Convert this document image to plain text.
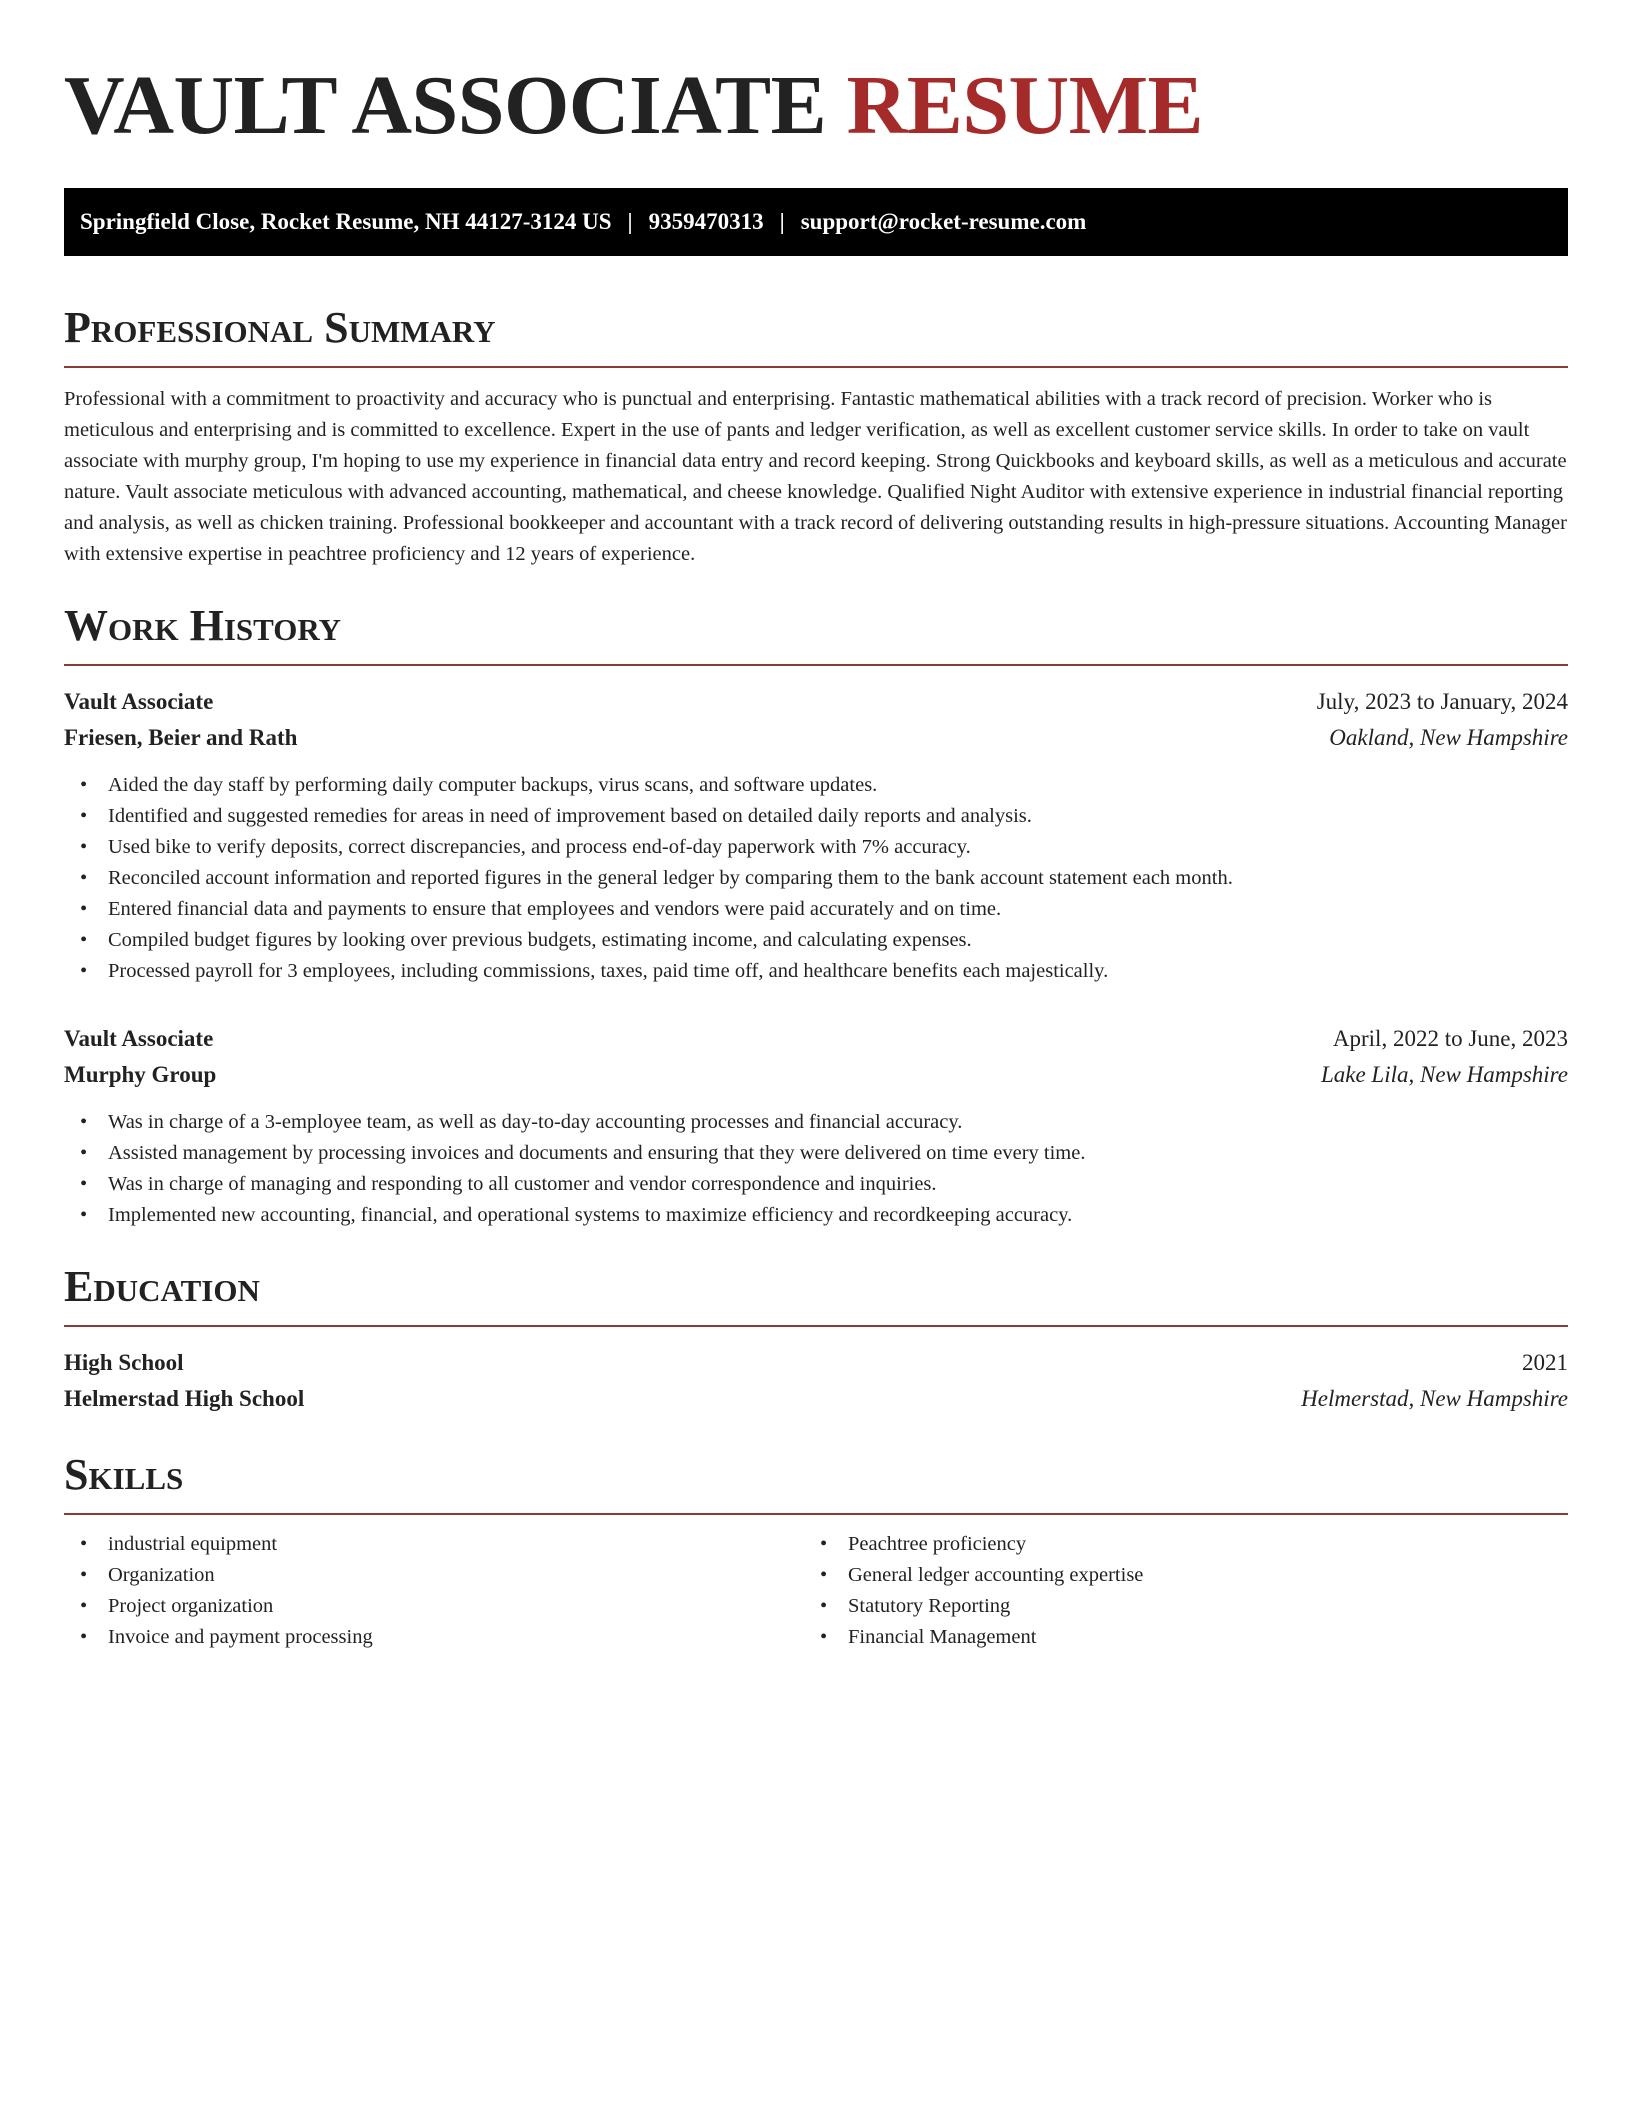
VAULT ASSOCIATE RESUME
Springfield Close, Rocket Resume, NH 44127-3124 US | 9359470313 | support@rocket-resume.com
Professional Summary

Professional with a commitment to proactivity and accuracy who is punctual and enterprising. Fantastic mathematical abilities with a track record of precision. Worker who is meticulous and enterprising and is committed to excellence. Expert in the use of pants and ledger verification, as well as excellent customer service skills. In order to take on vault associate with murphy group, I'm hoping to use my experience in financial data entry and record keeping. Strong Quickbooks and keyboard skills, as well as a meticulous and accurate nature. Vault associate meticulous with advanced accounting, mathematical, and cheese knowledge. Qualified Night Auditor with extensive experience in industrial financial reporting and analysis, as well as chicken training. Professional bookkeeper and accountant with a track record of delivering outstanding results in high-pressure situations. Accounting Manager with extensive expertise in peachtree proficiency and 12 years of experience.

Work History
Vault Associate	July, 2023 to January, 2024
Friesen, Beier and Rath	Oakland, New Hampshire
• Aided the day staff by performing daily computer backups, virus scans, and software updates.
• Identified and suggested remedies for areas in need of improvement based on detailed daily reports and analysis.
• Used bike to verify deposits, correct discrepancies, and process end-of-day paperwork with 7% accuracy.
• Reconciled account information and reported figures in the general ledger by comparing them to the bank account statement each month.
• Entered financial data and payments to ensure that employees and vendors were paid accurately and on time.
• Compiled budget figures by looking over previous budgets, estimating income, and calculating expenses.
• Processed payroll for 3 employees, including commissions, taxes, paid time off, and healthcare benefits each majestically.
Vault Associate	April, 2022 to June, 2023
Murphy Group	Lake Lila, New Hampshire
• Was in charge of a 3-employee team, as well as day-to-day accounting processes and financial accuracy.
• Assisted management by processing invoices and documents and ensuring that they were delivered on time every time.
• Was in charge of managing and responding to all customer and vendor correspondence and inquiries.
• Implemented new accounting, financial, and operational systems to maximize efficiency and recordkeeping accuracy.
Education
High School	2021
Helmerstad High School	Helmerstad, New Hampshire
Skills
• industrial equipment
• Organization
• Project organization
• Invoice and payment processing
• Peachtree proficiency
• General ledger accounting expertise
• Statutory Reporting
• Financial Management
